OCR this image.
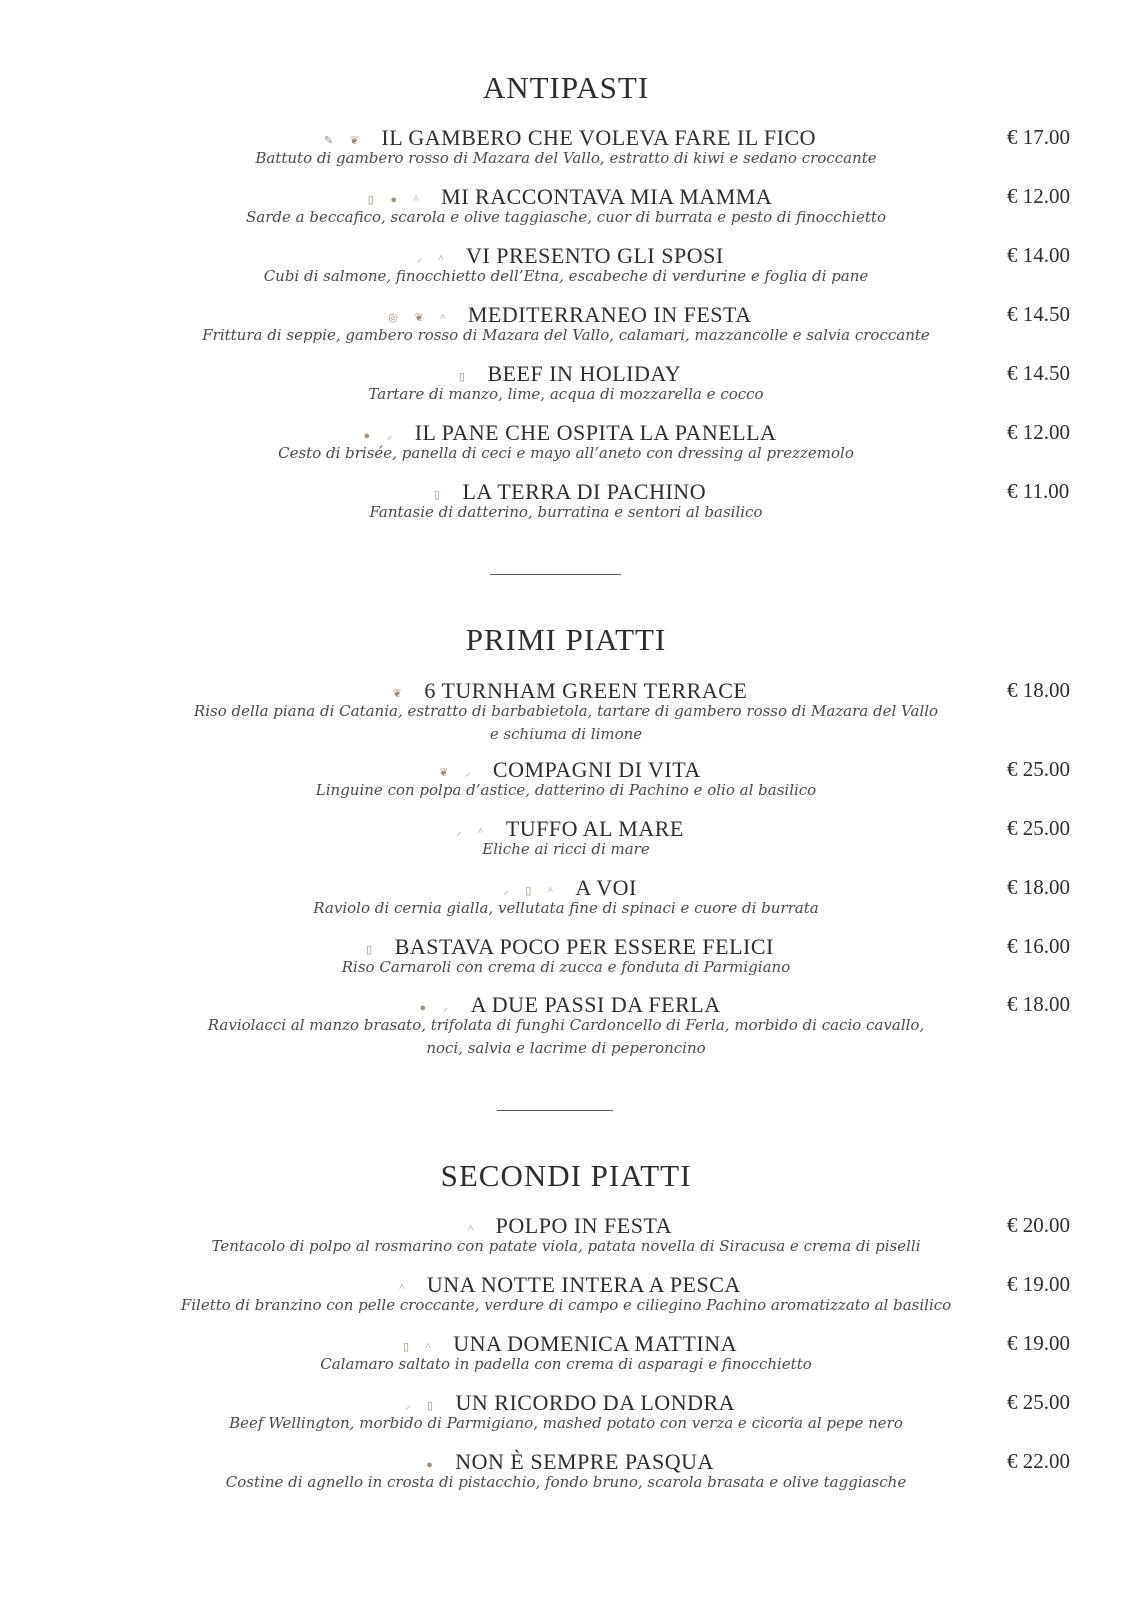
ANTIPASTI
✎ ❦ IL GAMBERO CHE VOLEVA FARE IL FICO
Battuto di gambero rosso di Mazara del Vallo, estratto di kiwi e sedano croccante
€ 17.00
▯ ● ^ MI RACCONTAVA MIA MAMMA
Sarde a beccafico, scarola e olive taggiasche, cuor di burrata e pesto di finocchietto
€ 12.00
⸝ ^ VI PRESENTO GLI SPOSI
Cubi di salmone, finocchietto dell’Etna, escabeche di verdurine e foglia di pane
€ 14.00
◎ ❦ ^ MEDITERRANEO IN FESTA
Frittura di seppie, gambero rosso di Mazara del Vallo, calamari, mazzancolle e salvia croccante
€ 14.50
▯ BEEF IN HOLIDAY
Tartare di manzo, lime, acqua di mozzarella e cocco
€ 14.50
● ⸝ IL PANE CHE OSPITA LA PANELLA
Cesto di brisée, panella di ceci e mayo all’aneto con dressing al prezzemolo
€ 12.00
▯ LA TERRA DI PACHINO
Fantasie di datterino, burratina e sentori al basilico
€ 11.00
PRIMI PIATTI
❦ 6 TURNHAM GREEN TERRACE
Riso della piana di Catania, estratto di barbabietola, tartare di gambero rosso di Mazara del Vallo
e schiuma di limone
€ 18.00
❦ ⸝ COMPAGNI DI VITA
Linguine con polpa d’astice, datterino di Pachino e olio al basilico
€ 25.00
⸝ ^ TUFFO AL MARE
Eliche ai ricci di mare
€ 25.00
⸝ ▯ ^ A VOI
Raviolo di cernia gialla, vellutata fine di spinaci e cuore di burrata
€ 18.00
▯ BASTAVA POCO PER ESSERE FELICI
Riso Carnaroli con crema di zucca e fonduta di Parmigiano
€ 16.00
● ⸝ A DUE PASSI DA FERLA
Raviolacci al manzo brasato, trifolata di funghi Cardoncello di Ferla, morbido di cacio cavallo,
noci, salvia e lacrime di peperoncino
€ 18.00
SECONDI PIATTI
^ POLPO IN FESTA
Tentacolo di polpo al rosmarino con patate viola, patata novella di Siracusa e crema di piselli
€ 20.00
^ UNA NOTTE INTERA A PESCA
Filetto di branzino con pelle croccante, verdure di campo e ciliegino Pachino aromatizzato al basilico
€ 19.00
▯ ^ UNA DOMENICA MATTINA
Calamaro saltato in padella con crema di asparagi e finocchietto
€ 19.00
⸝ ▯ UN RICORDO DA LONDRA
Beef Wellington, morbido di Parmigiano, mashed potato con verza e cicoria al pepe nero
€ 25.00
● NON È SEMPRE PASQUA
Costine di agnello in crosta di pistacchio, fondo bruno, scarola brasata e olive taggiasche
€ 22.00
